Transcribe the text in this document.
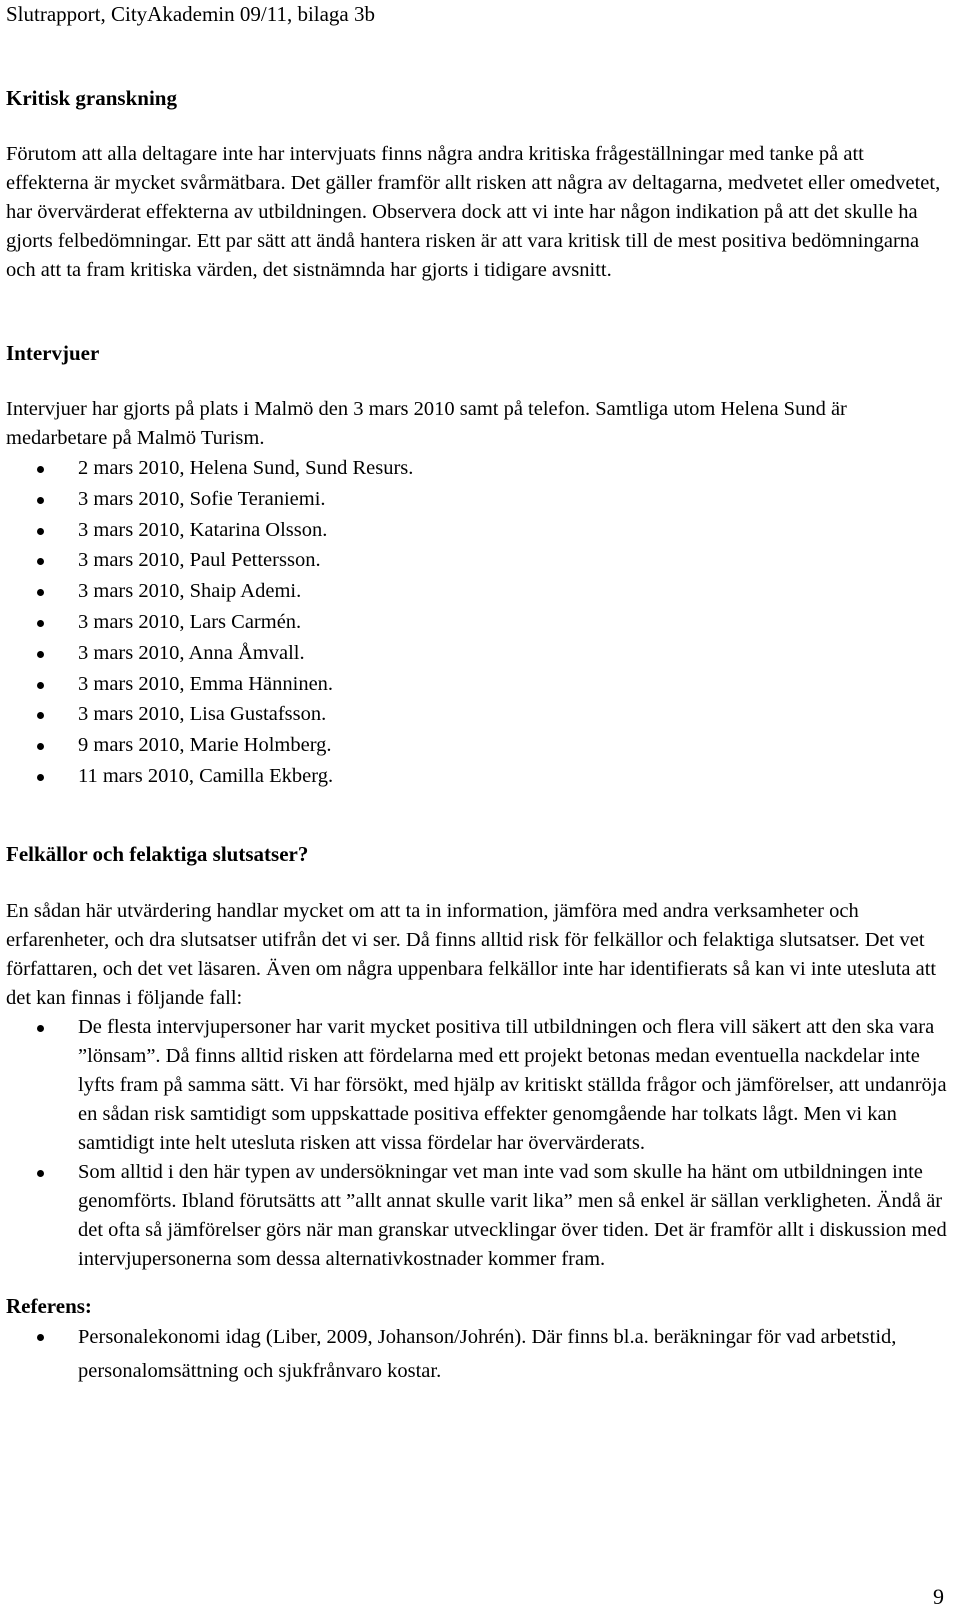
Slutrapport, CityAkademin 09/11, bilaga 3b
Kritisk granskning

Förutom att alla deltagare inte har intervjuats finns några andra kritiska frågeställningar med tanke på att effekterna är mycket svårmätbara. Det gäller framför allt risken att några av deltagarna, medvetet eller omedvetet, har övervärderat effekterna av utbildningen. Observera dock att vi inte har någon indikation på att det skulle ha gjorts felbedömningar. Ett par sätt att ändå hantera risken är att vara kritisk till de mest positiva bedömningarna och att ta fram kritiska värden, det sistnämnda har gjorts i tidigare avsnitt.

Intervjuer

Intervjuer har gjorts på plats i Malmö den 3 mars 2010 samt på telefon. Samtliga utom Helena Sund är medarbetare på Malmö Turism.

2 mars 2010, Helena Sund, Sund Resurs.
3 mars 2010, Sofie Teraniemi.
3 mars 2010, Katarina Olsson.
3 mars 2010, Paul Pettersson.
3 mars 2010, Shaip Ademi.
3 mars 2010, Lars Carmén.
3 mars 2010, Anna Åmvall.
3 mars 2010, Emma Hänninen.
3 mars 2010, Lisa Gustafsson.
9 mars 2010, Marie Holmberg.
11 mars 2010, Camilla Ekberg.
Felkällor och felaktiga slutsatser?

En sådan här utvärdering handlar mycket om att ta in information, jämföra med andra verksamheter och erfarenheter, och dra slutsatser utifrån det vi ser. Då finns alltid risk för felkällor och felaktiga slutsatser. Det vet författaren, och det vet läsaren. Även om några uppenbara felkällor inte har identifierats så kan vi inte utesluta att det kan finnas i följande fall:

De flesta intervjupersoner har varit mycket positiva till utbildningen och flera vill säkert att den ska vara ”lönsam”. Då finns alltid risken att fördelarna med ett projekt betonas medan eventuella nackdelar inte lyfts fram på samma sätt. Vi har försökt, med hjälp av kritiskt ställda frågor och jämförelser, att undanröja en sådan risk samtidigt som uppskattade positiva effekter genomgående har tolkats lågt. Men vi kan samtidigt inte helt utesluta risken att vissa fördelar har övervärderats.
Som alltid i den här typen av undersökningar vet man inte vad som skulle ha hänt om utbildningen inte genomförts. Ibland förutsätts att ”allt annat skulle varit lika” men så enkel är sällan verkligheten. Ändå är det ofta så jämförelser görs när man granskar utvecklingar över tiden. Det är framför allt i diskussion med intervjupersonerna som dessa alternativkostnader kommer fram.
Referens:
Personalekonomi idag (Liber, 2009, Johanson/Johrén). Där finns bl.a. beräkningar för vad arbetstid, personalomsättning och sjukfrånvaro kostar.
9
